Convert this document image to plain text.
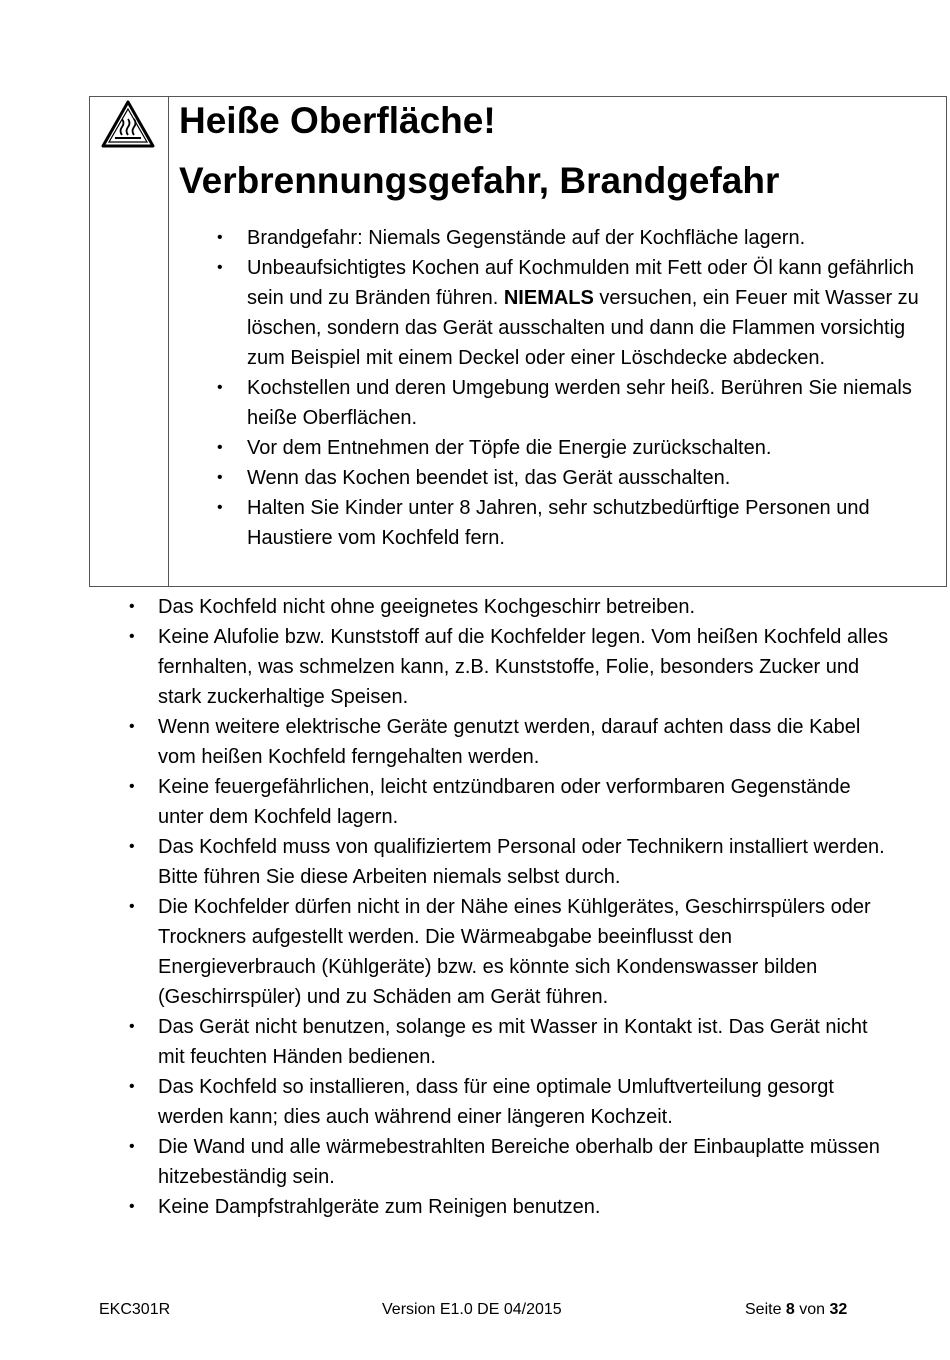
Heiße Oberfläche!
Verbrennungsgefahr, Brandgefahr
• Brandgefahr: Niemals Gegenstände auf der Kochfläche lagern.
• Unbeaufsichtigtes Kochen auf Kochmulden mit Fett oder Öl kann gefährlich sein und zu Bränden führen. NIEMALS versuchen, ein Feuer mit Wasser zu löschen, sondern das Gerät ausschalten und dann die Flammen vorsichtig zum Beispiel mit einem Deckel oder einer Löschdecke abdecken.
• Kochstellen und deren Umgebung werden sehr heiß. Berühren Sie niemals heiße Oberflächen.
• Vor dem Entnehmen der Töpfe die Energie zurückschalten.
• Wenn das Kochen beendet ist, das Gerät ausschalten.
• Halten Sie Kinder unter 8 Jahren, sehr schutzbedürftige Personen und Haustiere vom Kochfeld fern.
• Das Kochfeld nicht ohne geeignetes Kochgeschirr betreiben.
• Keine Alufolie bzw. Kunststoff auf die Kochfelder legen. Vom heißen Kochfeld alles fernhalten, was schmelzen kann, z.B. Kunststoffe, Folie, besonders Zucker und stark zuckerhaltige Speisen.
• Wenn weitere elektrische Geräte genutzt werden, darauf achten dass die Kabel vom heißen Kochfeld ferngehalten werden.
• Keine feuergefährlichen, leicht entzündbaren oder verformbaren Gegenstände unter dem Kochfeld lagern.
• Das Kochfeld muss von qualifiziertem Personal oder Technikern installiert werden. Bitte führen Sie diese Arbeiten niemals selbst durch.
• Die Kochfelder dürfen nicht in der Nähe eines Kühlgerätes, Geschirrspülers oder Trockners aufgestellt werden. Die Wärmeabgabe beeinflusst den Energieverbrauch (Kühlgeräte) bzw. es könnte sich Kondenswasser bilden (Geschirrspüler) und zu Schäden am Gerät führen.
• Das Gerät nicht benutzen, solange es mit Wasser in Kontakt ist. Das Gerät nicht mit feuchten Händen bedienen.
• Das Kochfeld so installieren, dass für eine optimale Umluftverteilung gesorgt werden kann; dies auch während einer längeren Kochzeit.
• Die Wand und alle wärmebestrahlten Bereiche oberhalb der Einbauplatte müssen hitzebeständig sein.
• Keine Dampfstrahlgeräte zum Reinigen benutzen.
EKC301R	Version E1.0 DE 04/2015	Seite 8 von 32
